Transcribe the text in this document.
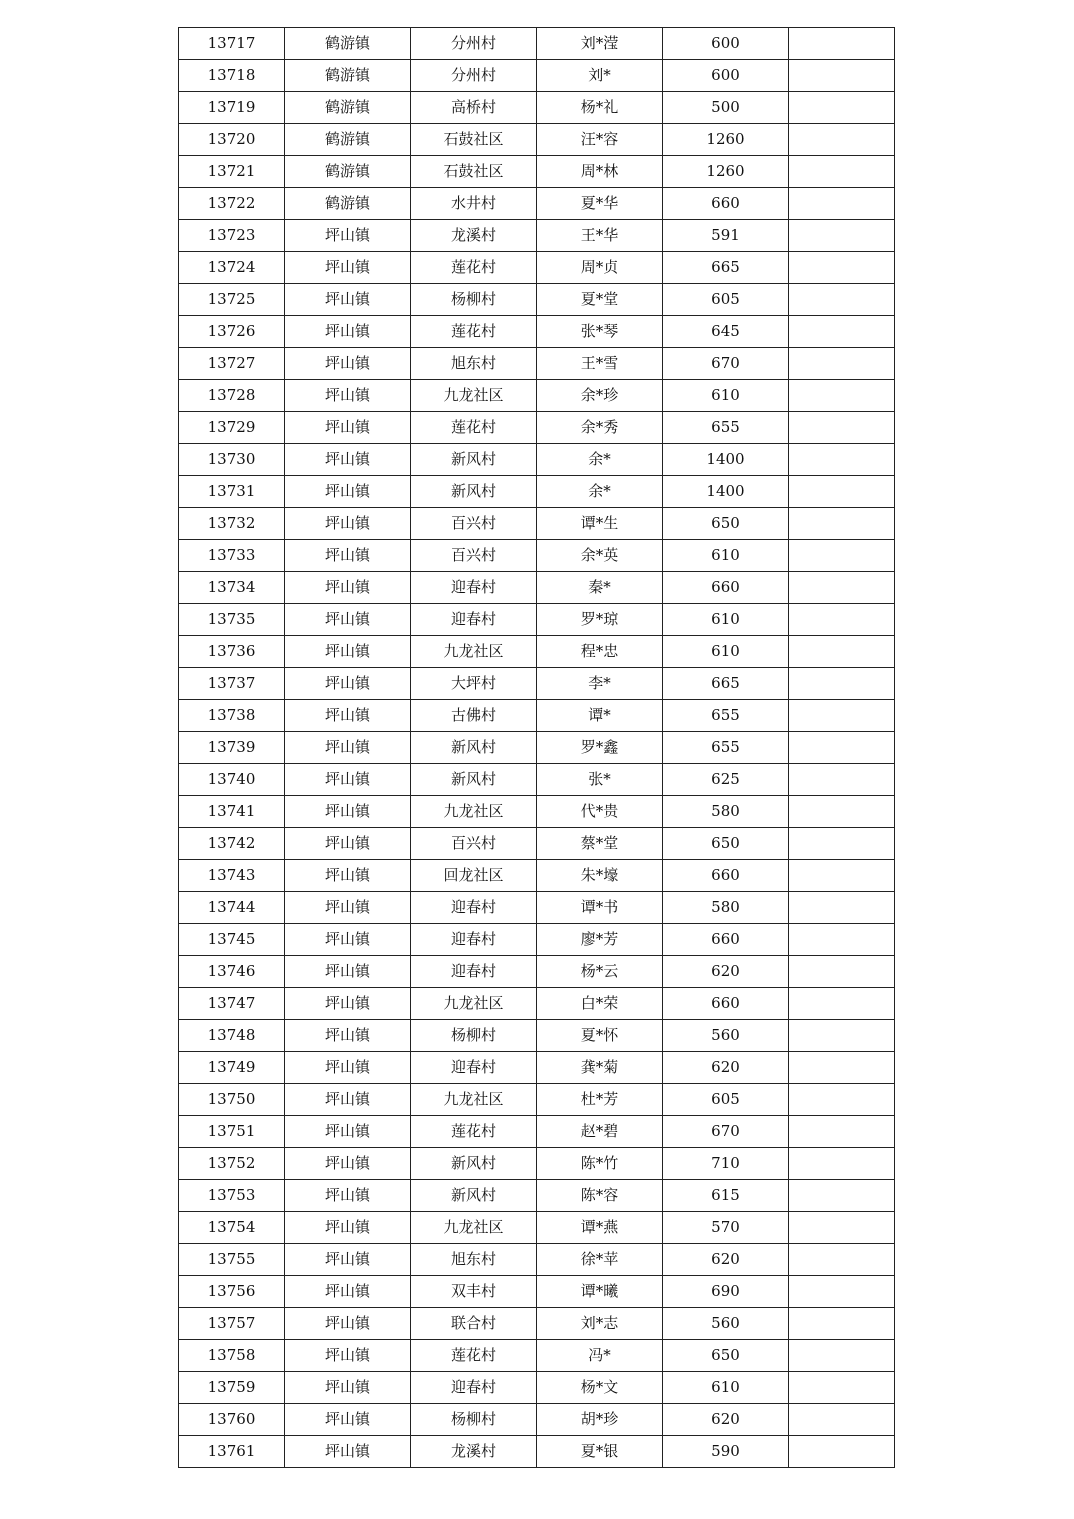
13717	鹤游镇	分州村	刘*滢	600	
13718	鹤游镇	分州村	刘*	600	
13719	鹤游镇	高桥村	杨*礼	500	
13720	鹤游镇	石鼓社区	汪*容	1260	
13721	鹤游镇	石鼓社区	周*林	1260	
13722	鹤游镇	水井村	夏*华	660	
13723	坪山镇	龙溪村	王*华	591	
13724	坪山镇	莲花村	周*贞	665	
13725	坪山镇	杨柳村	夏*堂	605	
13726	坪山镇	莲花村	张*琴	645	
13727	坪山镇	旭东村	王*雪	670	
13728	坪山镇	九龙社区	余*珍	610	
13729	坪山镇	莲花村	余*秀	655	
13730	坪山镇	新风村	余*	1400	
13731	坪山镇	新风村	余*	1400	
13732	坪山镇	百兴村	谭*生	650	
13733	坪山镇	百兴村	余*英	610	
13734	坪山镇	迎春村	秦*	660	
13735	坪山镇	迎春村	罗*琼	610	
13736	坪山镇	九龙社区	程*忠	610	
13737	坪山镇	大坪村	李*	665	
13738	坪山镇	古佛村	谭*	655	
13739	坪山镇	新风村	罗*鑫	655	
13740	坪山镇	新风村	张*	625	
13741	坪山镇	九龙社区	代*贵	580	
13742	坪山镇	百兴村	蔡*堂	650	
13743	坪山镇	回龙社区	朱*壕	660	
13744	坪山镇	迎春村	谭*书	580	
13745	坪山镇	迎春村	廖*芳	660	
13746	坪山镇	迎春村	杨*云	620	
13747	坪山镇	九龙社区	白*荣	660	
13748	坪山镇	杨柳村	夏*怀	560	
13749	坪山镇	迎春村	龚*菊	620	
13750	坪山镇	九龙社区	杜*芳	605	
13751	坪山镇	莲花村	赵*碧	670	
13752	坪山镇	新风村	陈*竹	710	
13753	坪山镇	新风村	陈*容	615	
13754	坪山镇	九龙社区	谭*燕	570	
13755	坪山镇	旭东村	徐*苹	620	
13756	坪山镇	双丰村	谭*曦	690	
13757	坪山镇	联合村	刘*志	560	
13758	坪山镇	莲花村	冯*	650	
13759	坪山镇	迎春村	杨*文	610	
13760	坪山镇	杨柳村	胡*珍	620	
13761	坪山镇	龙溪村	夏*银	590	
